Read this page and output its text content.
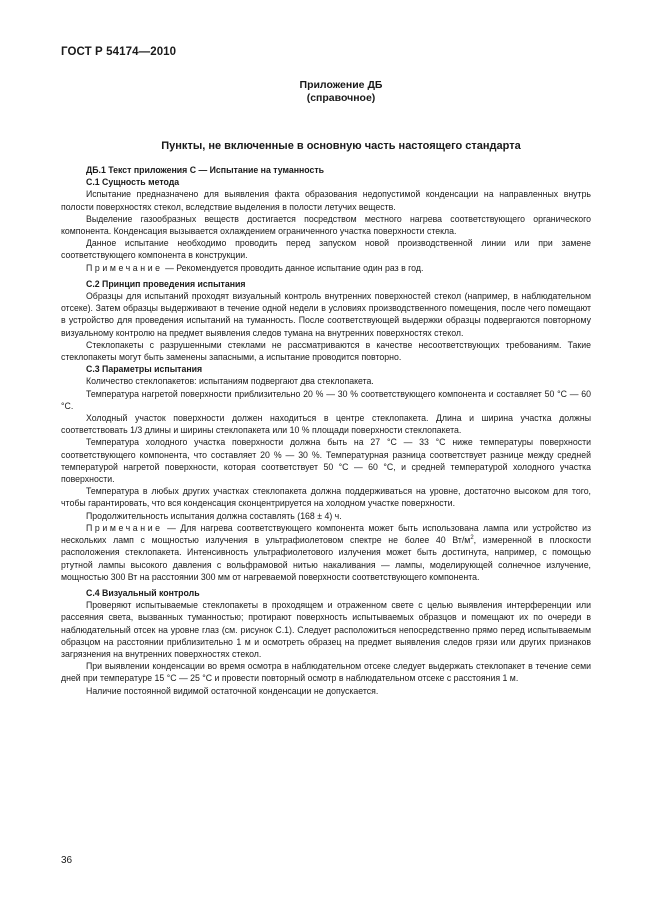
ГОСТ Р 54174—2010
Приложение ДБ
(справочное)
Пункты, не включенные в основную часть настоящего стандарта

ДБ.1 Текст приложения С — Испытание на туманность

С.1 Сущность метода

Испытание предназначено для выявления факта образования недопустимой конденсации на направленных внутрь полости поверхностях стекол, вследствие выделения в полости летучих веществ.

Выделение газообразных веществ достигается посредством местного нагрева соответствующего органического компонента. Конденсация вызывается охлаждением ограниченного участка поверхности стекла.

Данное испытание необходимо проводить перед запуском новой производственной линии или при замене соответствующего компонента в конструкции.

Примечание — Рекомендуется проводить данное испытание один раз в год.

С.2 Принцип проведения испытания

Образцы для испытаний проходят визуальный контроль внутренних поверхностей стекол (например, в наблюдательном отсеке). Затем образцы выдерживают в течение одной недели в условиях производственного помещения, после чего помещают в устройство для проведения испытаний на туманность. После соответствующей выдержки образцы подвергаются повторному визуальному контролю на предмет выявления следов тумана на внутренних поверхностях стекол.

Стеклопакеты с разрушенными стеклами не рассматриваются в качестве несоответствующих требованиям. Такие стеклопакеты могут быть заменены запасными, а испытание проводится повторно.

С.3 Параметры испытания

Количество стеклопакетов: испытаниям подвергают два стеклопакета.

Температура нагретой поверхности приблизительно 20 % — 30 % соответствующего компонента и составляет 50 °С — 60 °С.

Холодный участок поверхности должен находиться в центре стеклопакета. Длина и ширина участка должны соответствовать 1/3 длины и ширины стеклопакета или 10 % площади поверхности стеклопакета.

Температура холодного участка поверхности должна быть на 27 °С — 33 °С ниже температуры поверхности соответствующего компонента, что составляет 20 % — 30 %. Температурная разница соответствует разнице между средней температурой нагретой поверхности, которая соответствует 50 °С — 60 °С, и средней температурой холодного участка поверхности.

Температура в любых других участках стеклопакета должна поддерживаться на уровне, достаточно высоком для того, чтобы гарантировать, что вся конденсация сконцентрируется на холодном участке поверхности.

Продолжительность испытания должна составлять (168 ± 4) ч.

Примечание — Для нагрева соответствующего компонента может быть использована лампа или устройство из нескольких ламп с мощностью излучения в ультрафиолетовом спектре не более 40 $Вт/м^2$, измеренной в плоскости расположения стеклопакета. Интенсивность ультрафиолетового излучения может быть достигнута, например, с помощью ртутной лампы высокого давления с вольфрамовой нитью накаливания — лампы, моделирующей солнечное излучение, мощностью 300 Вт на расстоянии 300 мм от нагреваемой поверхности соответствующего компонента.

С.4 Визуальный контроль

Проверяют испытываемые стеклопакеты в проходящем и отраженном свете с целью выявления интерференции или рассеяния света, вызванных туманностью; протирают поверхность испытываемых образцов и помещают их по очереди в наблюдательный отсек на уровне глаз (см. рисунок С.1). Следует расположиться непосредственно прямо перед испытываемым образцом на расстоянии приблизительно 1 м и осмотреть образец на предмет выявления следов грязи или других признаков загрязнения на внутренних поверхностях стекол.

При выявлении конденсации во время осмотра в наблюдательном отсеке следует выдержать стеклопакет в течение семи дней при температуре 15 °С — 25 °С и провести повторный осмотр в наблюдательном отсеке с расстояния 1 м.

Наличие постоянной видимой остаточной конденсации не допускается.

36
